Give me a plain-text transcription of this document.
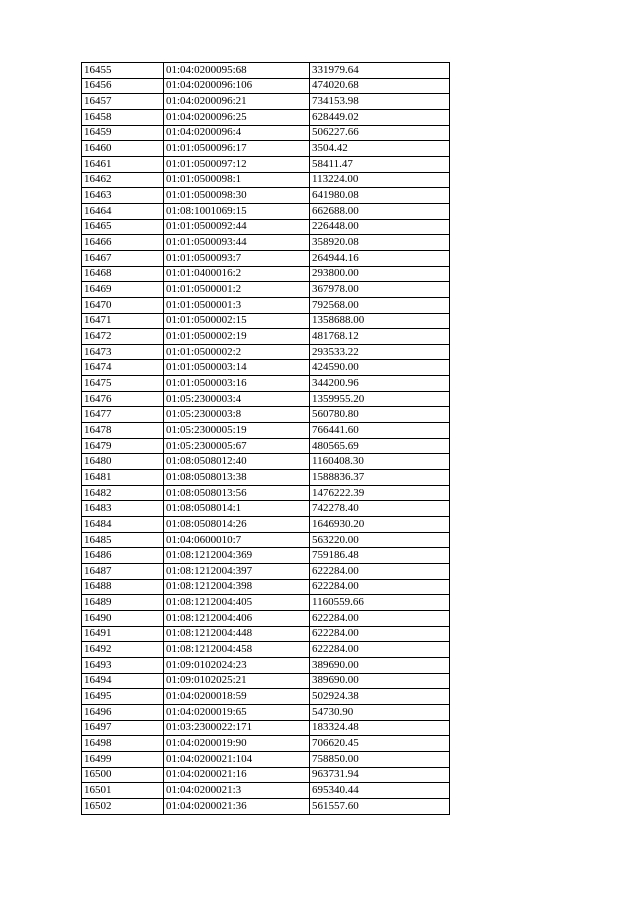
16455	01:04:0200095:68	331979.64
16456	01:04:0200096:106	474020.68
16457	01:04:0200096:21	734153.98
16458	01:04:0200096:25	628449.02
16459	01:04:0200096:4	506227.66
16460	01:01:0500096:17	3504.42
16461	01:01:0500097:12	58411.47
16462	01:01:0500098:1	113224.00
16463	01:01:0500098:30	641980.08
16464	01:08:1001069:15	662688.00
16465	01:01:0500092:44	226448.00
16466	01:01:0500093:44	358920.08
16467	01:01:0500093:7	264944.16
16468	01:01:0400016:2	293800.00
16469	01:01:0500001:2	367978.00
16470	01:01:0500001:3	792568.00
16471	01:01:0500002:15	1358688.00
16472	01:01:0500002:19	481768.12
16473	01:01:0500002:2	293533.22
16474	01:01:0500003:14	424590.00
16475	01:01:0500003:16	344200.96
16476	01:05:2300003:4	1359955.20
16477	01:05:2300003:8	560780.80
16478	01:05:2300005:19	766441.60
16479	01:05:2300005:67	480565.69
16480	01:08:0508012:40	1160408.30
16481	01:08:0508013:38	1588836.37
16482	01:08:0508013:56	1476222.39
16483	01:08:0508014:1	742278.40
16484	01:08:0508014:26	1646930.20
16485	01:04:0600010:7	563220.00
16486	01:08:1212004:369	759186.48
16487	01:08:1212004:397	622284.00
16488	01:08:1212004:398	622284.00
16489	01:08:1212004:405	1160559.66
16490	01:08:1212004:406	622284.00
16491	01:08:1212004:448	622284.00
16492	01:08:1212004:458	622284.00
16493	01:09:0102024:23	389690.00
16494	01:09:0102025:21	389690.00
16495	01:04:0200018:59	502924.38
16496	01:04:0200019:65	54730.90
16497	01:03:2300022:171	183324.48
16498	01:04:0200019:90	706620.45
16499	01:04:0200021:104	758850.00
16500	01:04:0200021:16	963731.94
16501	01:04:0200021:3	695340.44
16502	01:04:0200021:36	561557.60
